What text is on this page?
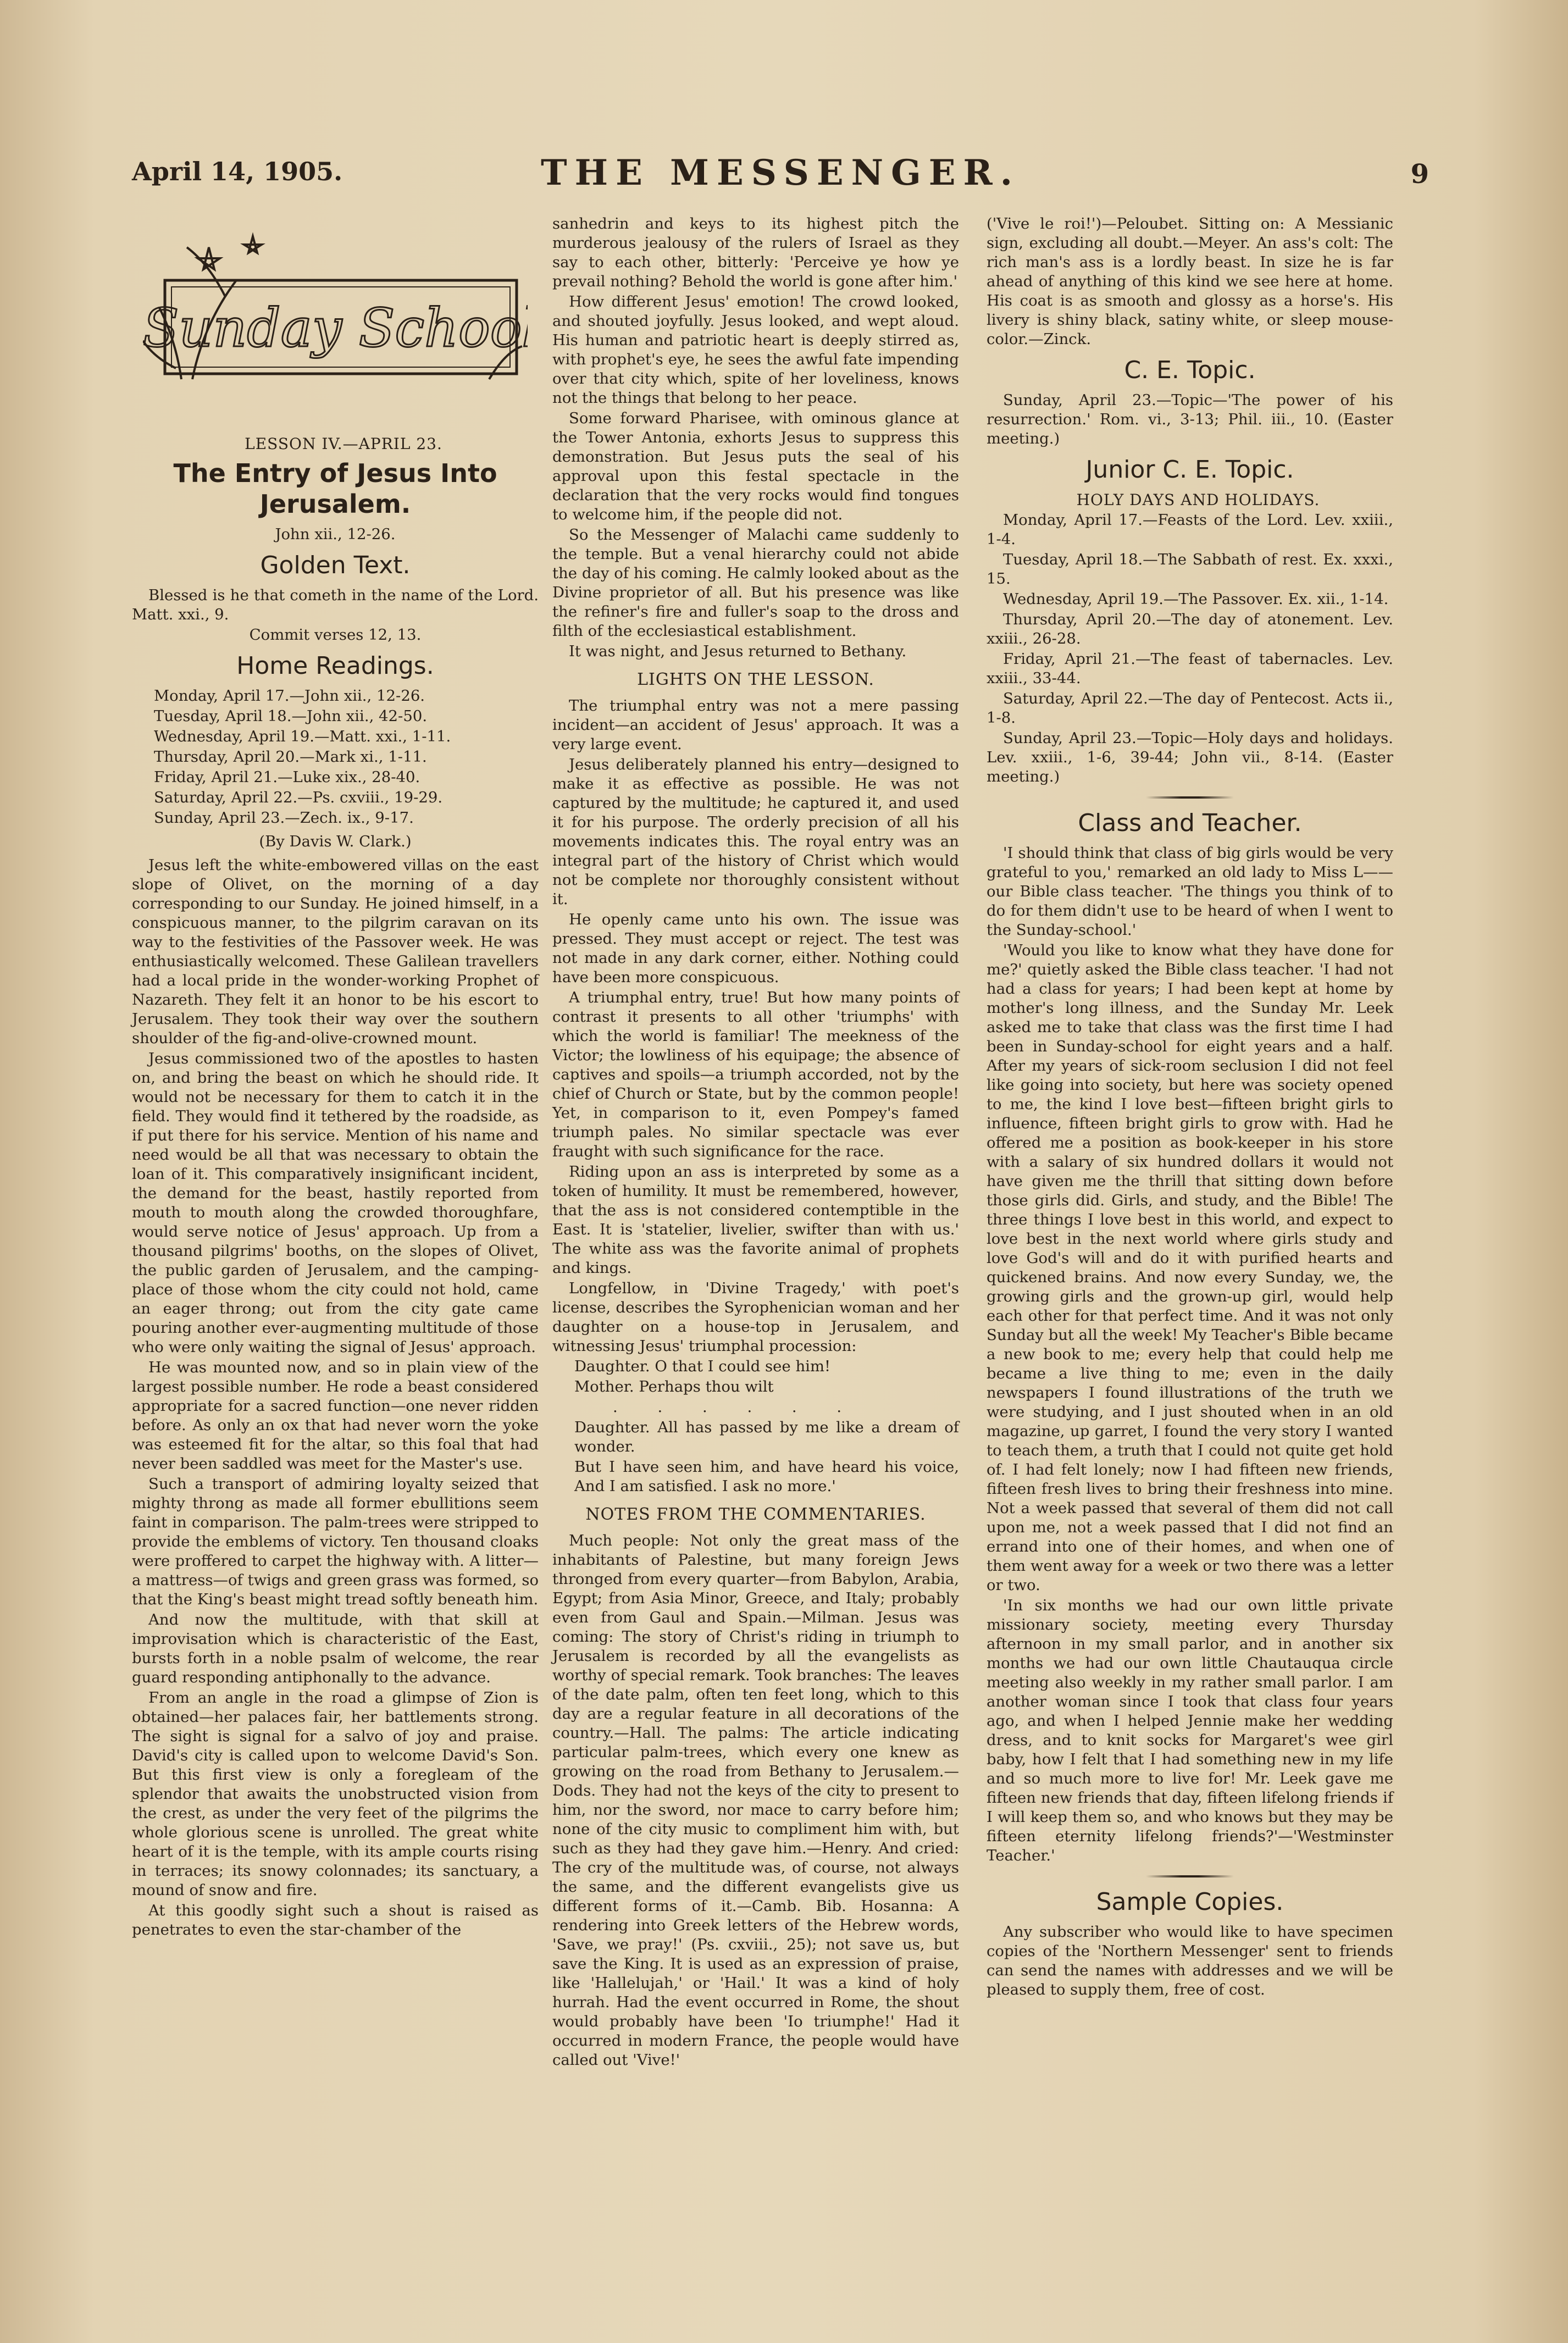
April 14, 1905.	THE MESSENGER.	9
Sunday School

LESSON IV.—APRIL 23.

The Entry of Jesus Into Jerusalem.

John xii., 12-26.

Golden Text.

Blessed is he that cometh in the name of the Lord. Matt. xxi., 9.

Commit verses 12, 13.

Home Readings.

Monday, April 17.—John xii., 12-26.

Tuesday, April 18.—John xii., 42-50.

Wednesday, April 19.—Matt. xxi., 1-11.

Thursday, April 20.—Mark xi., 1-11.

Friday, April 21.—Luke xix., 28-40.

Saturday, April 22.—Ps. cxviii., 19-29.

Sunday, April 23.—Zech. ix., 9-17.

(By Davis W. Clark.)

Jesus left the white-embowered villas on the east slope of Olivet, on the morning of a day corresponding to our Sunday. He joined himself, in a conspicuous manner, to the pilgrim caravan on its way to the festivities of the Passover week. He was enthusiastically welcomed. These Galilean travellers had a local pride in the wonder-working Prophet of Nazareth. They felt it an honor to be his escort to Jerusalem. They took their way over the southern shoulder of the fig-and-olive-crowned mount.

Jesus commissioned two of the apostles to hasten on, and bring the beast on which he should ride. It would not be necessary for them to catch it in the field. They would find it tethered by the roadside, as if put there for his service. Mention of his name and need would be all that was necessary to obtain the loan of it. This comparatively insignificant incident, the demand for the beast, hastily reported from mouth to mouth along the crowded thoroughfare, would serve notice of Jesus' approach. Up from a thousand pilgrims' booths, on the slopes of Olivet, the public garden of Jerusalem, and the camping-place of those whom the city could not hold, came an eager throng; out from the city gate came pouring another ever-augmenting multitude of those who were only waiting the signal of Jesus' approach.

He was mounted now, and so in plain view of the largest possible number. He rode a beast considered appropriate for a sacred function—one never ridden before. As only an ox that had never worn the yoke was esteemed fit for the altar, so this foal that had never been saddled was meet for the Master's use.

Such a transport of admiring loyalty seized that mighty throng as made all former ebullitions seem faint in comparison. The palm-trees were stripped to provide the emblems of victory. Ten thousand cloaks were proffered to carpet the highway with. A litter—a mattress—of twigs and green grass was formed, so that the King's beast might tread softly beneath him.

And now the multitude, with that skill at improvisation which is characteristic of the East, bursts forth in a noble psalm of welcome, the rear guard responding antiphonally to the advance.

From an angle in the road a glimpse of Zion is obtained—her palaces fair, her battlements strong. The sight is signal for a salvo of joy and praise. David's city is called upon to welcome David's Son. But this first view is only a foregleam of the splendor that awaits the unobstructed vision from the crest, as under the very feet of the pilgrims the whole glorious scene is unrolled. The great white heart of it is the temple, with its ample courts rising in terraces; its snowy colonnades; its sanctuary, a mound of snow and fire.

At this goodly sight such a shout is raised as penetrates to even the star-chamber of the

sanhedrin and keys to its highest pitch the murderous jealousy of the rulers of Israel as they say to each other, bitterly: 'Perceive ye how ye prevail nothing? Behold the world is gone after him.'

How different Jesus' emotion! The crowd looked, and shouted joyfully. Jesus looked, and wept aloud. His human and patriotic heart is deeply stirred as, with prophet's eye, he sees the awful fate impending over that city which, spite of her loveliness, knows not the things that belong to her peace.

Some forward Pharisee, with ominous glance at the Tower Antonia, exhorts Jesus to suppress this demonstration. But Jesus puts the seal of his approval upon this festal spectacle in the declaration that the very rocks would find tongues to welcome him, if the people did not.

So the Messenger of Malachi came suddenly to the temple. But a venal hierarchy could not abide the day of his coming. He calmly looked about as the Divine proprietor of all. But his presence was like the refiner's fire and fuller's soap to the dross and filth of the ecclesiastical establishment.

It was night, and Jesus returned to Bethany.

LIGHTS ON THE LESSON.

The triumphal entry was not a mere passing incident—an accident of Jesus' approach. It was a very large event.

Jesus deliberately planned his entry—designed to make it as effective as possible. He was not captured by the multitude; he captured it, and used it for his purpose. The orderly precision of all his movements indicates this. The royal entry was an integral part of the history of Christ which would not be complete nor thoroughly consistent without it.

He openly came unto his own. The issue was pressed. They must accept or reject. The test was not made in any dark corner, either. Nothing could have been more conspicuous.

A triumphal entry, true! But how many points of contrast it presents to all other 'triumphs' with which the world is familiar! The meekness of the Victor; the lowliness of his equipage; the absence of captives and spoils—a triumph accorded, not by the chief of Church or State, but by the common people! Yet, in comparison to it, even Pompey's famed triumph pales. No similar spectacle was ever fraught with such significance for the race.

Riding upon an ass is interpreted by some as a token of humility. It must be remembered, however, that the ass is not considered contemptible in the East. It is 'statelier, livelier, swifter than with us.' The white ass was the favorite animal of prophets and kings.

Longfellow, in 'Divine Tragedy,' with poet's license, describes the Syrophenician woman and her daughter on a house-top in Jerusalem, and witnessing Jesus' triumphal procession:

Daughter. O that I could see him!

Mother. Perhaps thou wilt

. . . . . .

Daughter. All has passed by me like a dream of wonder.

But I have seen him, and have heard his voice, And I am satisfied. I ask no more.'

NOTES FROM THE COMMENTARIES.

Much people: Not only the great mass of the inhabitants of Palestine, but many foreign Jews thronged from every quarter—from Babylon, Arabia, Egypt; from Asia Minor, Greece, and Italy; probably even from Gaul and Spain.—Milman. Jesus was coming: The story of Christ's riding in triumph to Jerusalem is recorded by all the evangelists as worthy of special remark. Took branches: The leaves of the date palm, often ten feet long, which to this day are a regular feature in all decorations of the country.—Hall. The palms: The article indicating particular palm-trees, which every one knew as growing on the road from Bethany to Jerusalem.—Dods. They had not the keys of the city to present to him, nor the sword, nor mace to carry before him; none of the city music to compliment him with, but such as they had they gave him.—Henry. And cried: The cry of the multitude was, of course, not always the same, and the different evangelists give us different forms of it.—Camb. Bib. Hosanna: A rendering into Greek letters of the Hebrew words, 'Save, we pray!' (Ps. cxviii., 25); not save us, but save the King. It is used as an expression of praise, like 'Hallelujah,' or 'Hail.' It was a kind of holy hurrah. Had the event occurred in Rome, the shout would probably have been 'Io triumphe!' Had it occurred in modern France, the people would have called out 'Vive!'

('Vive le roi!')—Peloubet. Sitting on: A Messianic sign, excluding all doubt.—Meyer. An ass's colt: The rich man's ass is a lordly beast. In size he is far ahead of anything of this kind we see here at home. His coat is as smooth and glossy as a horse's. His livery is shiny black, satiny white, or sleep mouse-color.—Zinck.

C. E. Topic.

Sunday, April 23.—Topic—'The power of his resurrection.' Rom. vi., 3-13; Phil. iii., 10. (Easter meeting.)

Junior C. E. Topic.

HOLY DAYS AND HOLIDAYS.

Monday, April 17.—Feasts of the Lord. Lev. xxiii., 1-4.

Tuesday, April 18.—The Sabbath of rest. Ex. xxxi., 15.

Wednesday, April 19.—The Passover. Ex. xii., 1-14.

Thursday, April 20.—The day of atonement. Lev. xxiii., 26-28.

Friday, April 21.—The feast of tabernacles. Lev. xxiii., 33-44.

Saturday, April 22.—The day of Pentecost. Acts ii., 1-8.

Sunday, April 23.—Topic—Holy days and holidays. Lev. xxiii., 1-6, 39-44; John vii., 8-14. (Easter meeting.)

Class and Teacher.

'I should think that class of big girls would be very grateful to you,' remarked an old lady to Miss L—— our Bible class teacher. 'The things you think of to do for them didn't use to be heard of when I went to the Sunday-school.'

'Would you like to know what they have done for me?' quietly asked the Bible class teacher. 'I had not had a class for years; I had been kept at home by mother's long illness, and the Sunday Mr. Leek asked me to take that class was the first time I had been in Sunday-school for eight years and a half. After my years of sick-room seclusion I did not feel like going into society, but here was society opened to me, the kind I love best—fifteen bright girls to influence, fifteen bright girls to grow with. Had he offered me a position as book-keeper in his store with a salary of six hundred dollars it would not have given me the thrill that sitting down before those girls did. Girls, and study, and the Bible! The three things I love best in this world, and expect to love best in the next world where girls study and love God's will and do it with purified hearts and quickened brains. And now every Sunday, we, the growing girls and the grown-up girl, would help each other for that perfect time. And it was not only Sunday but all the week! My Teacher's Bible became a new book to me; every help that could help me became a live thing to me; even in the daily newspapers I found illustrations of the truth we were studying, and I just shouted when in an old magazine, up garret, I found the very story I wanted to teach them, a truth that I could not quite get hold of. I had felt lonely; now I had fifteen new friends, fifteen fresh lives to bring their freshness into mine. Not a week passed that several of them did not call upon me, not a week passed that I did not find an errand into one of their homes, and when one of them went away for a week or two there was a letter or two.

'In six months we had our own little private missionary society, meeting every Thursday afternoon in my small parlor, and in another six months we had our own little Chautauqua circle meeting also weekly in my rather small parlor. I am another woman since I took that class four years ago, and when I helped Jennie make her wedding dress, and to knit socks for Margaret's wee girl baby, how I felt that I had something new in my life and so much more to live for! Mr. Leek gave me fifteen new friends that day, fifteen lifelong friends if I will keep them so, and who knows but they may be fifteen eternity lifelong friends?'—'Westminster Teacher.'

Sample Copies.

Any subscriber who would like to have specimen copies of the 'Northern Messenger' sent to friends can send the names with addresses and we will be pleased to supply them, free of cost.
